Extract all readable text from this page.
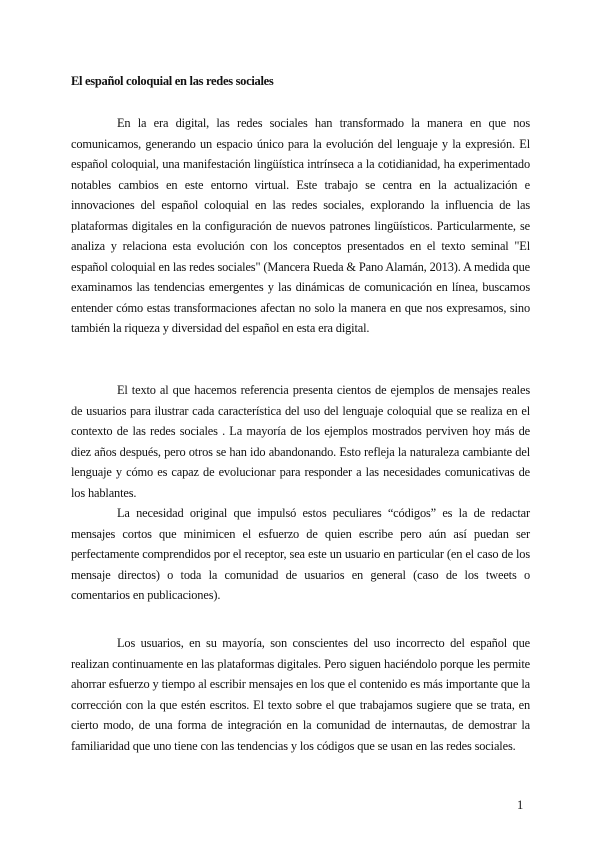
El español coloquial en las redes sociales

En la era digital, las redes sociales han transformado la manera en que nos comunicamos, generando un espacio único para la evolución del lenguaje y la expresión. El español coloquial, una manifestación lingüística intrínseca a la cotidianidad, ha experimentado notables cambios en este entorno virtual. Este trabajo se centra en la actualización e innovaciones del español coloquial en las redes sociales, explorando la influencia de las plataformas digitales en la configuración de nuevos patrones lingüísticos. Particularmente, se analiza y relaciona esta evolución con los conceptos presentados en el texto seminal "El español coloquial en las redes sociales" (Mancera Rueda & Pano Alamán, 2013). A medida que examinamos las tendencias emergentes y las dinámicas de comunicación en línea, buscamos entender cómo estas transformaciones afectan no solo la manera en que nos expresamos, sino también la riqueza y diversidad del español en esta era digital.

El texto al que hacemos referencia presenta cientos de ejemplos de mensajes reales de usuarios para ilustrar cada característica del uso del lenguaje coloquial que se realiza en el contexto de las redes sociales . La mayoría de los ejemplos mostrados perviven hoy más de diez años después, pero otros se han ido abandonando. Esto refleja la naturaleza cambiante del lenguaje y cómo es capaz de evolucionar para responder a las necesidades comunicativas de los hablantes.

La necesidad original que impulsó estos peculiares “códigos” es la de redactar mensajes cortos que minimicen el esfuerzo de quien escribe pero aún así puedan ser perfectamente comprendidos por el receptor, sea este un usuario en particular (en el caso de los mensaje directos) o toda la comunidad de usuarios en general (caso de los tweets o comentarios en publicaciones).

Los usuarios, en su mayoría, son conscientes del uso incorrecto del español que realizan continuamente en las plataformas digitales. Pero siguen haciéndolo porque les permite ahorrar esfuerzo y tiempo al escribir mensajes en los que el contenido es más importante que la corrección con la que estén escritos. El texto sobre el que trabajamos sugiere que se trata, en cierto modo, de una forma de integración en la comunidad de internautas, de demostrar la familiaridad que uno tiene con las tendencias y los códigos que se usan en las redes sociales.

1
